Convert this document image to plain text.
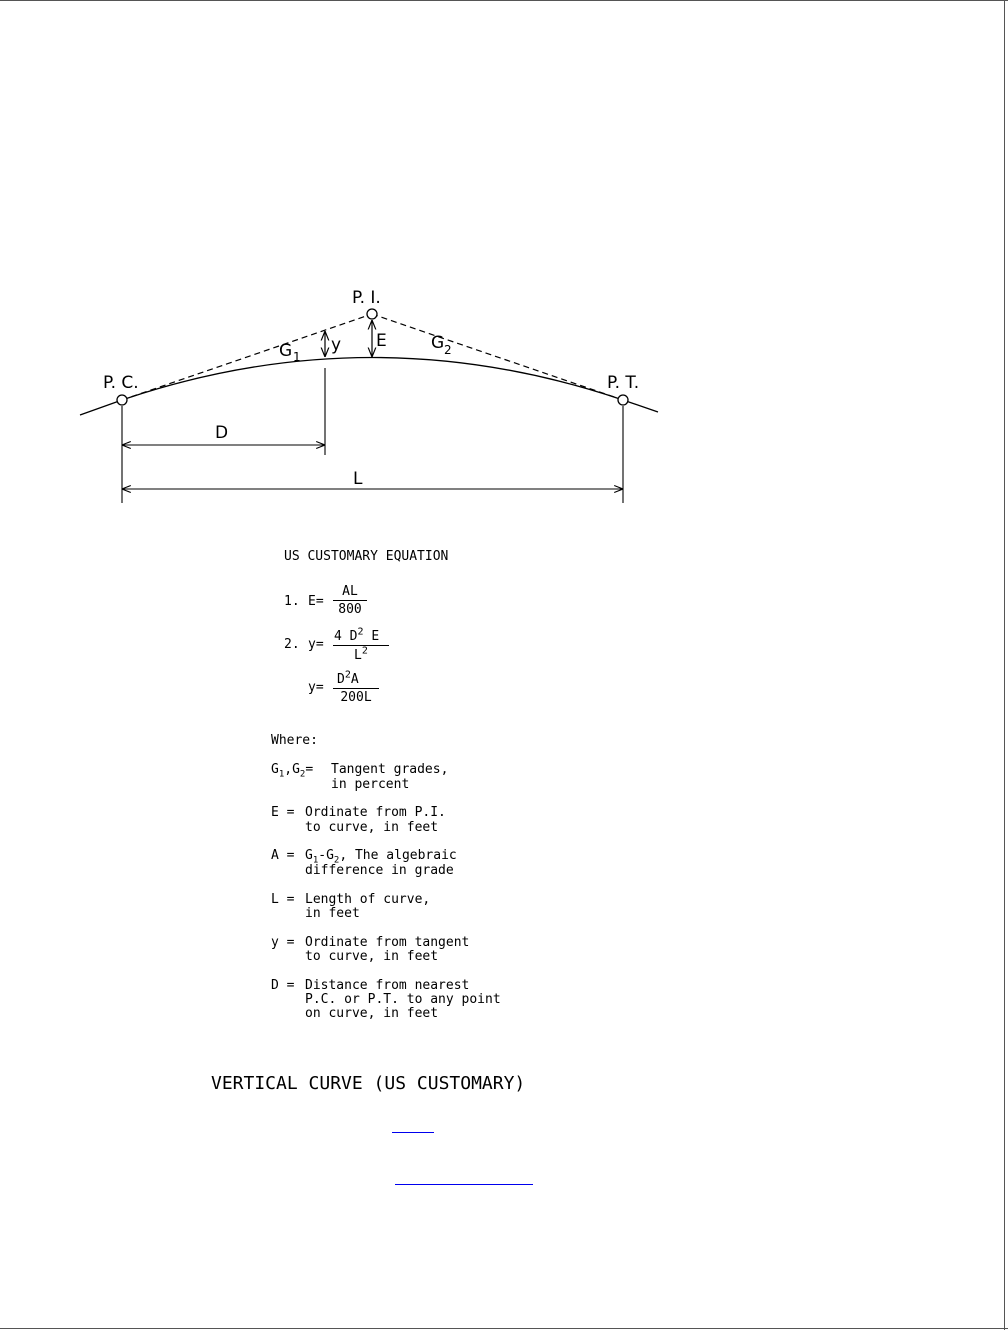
P. I.
P. C.	P. T.
G 1
G 2
y E
D
L
US CUSTOMARY EQUATION
1. E=
AL
800
2. y=
4 $D^2$ E
$L^2$
y=
$D^2A$
200L
Where:
$G_1,G_2=$ Tangent grades,
in percent
E = Ordinate from P.I.
to curve, in feet
$A = G_1-G_2$, The algebraic
difference in grade
L = Length of curve,
in feet
y = Ordinate from tangent
to curve, in feet
D = Distance from nearest
P.C. or P.T. to any point
on curve, in feet
VERTICAL CURVE (US CUSTOMARY)
